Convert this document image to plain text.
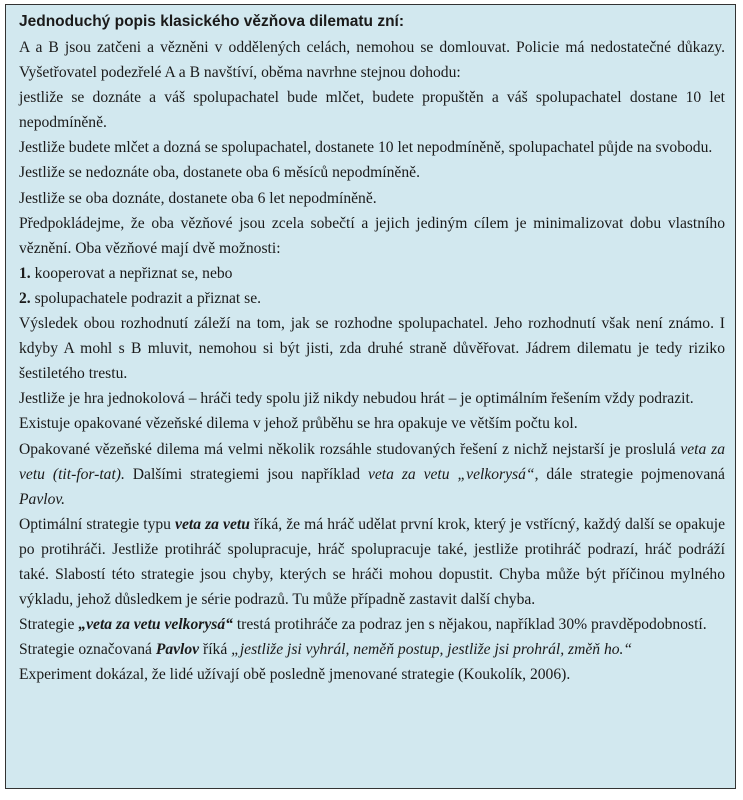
Jednoduchý popis klasického vězňova dilematu zní:
A a B jsou zatčeni a vězněni v oddělených celách, nemohou se domlouvat. Policie má nedostatečné důkazy. Vyšetřovatel podezřelé A a B navštíví, oběma navrhne stejnou dohodu:
jestliže se doznáte a váš spolupachatel bude mlčet, budete propuštěn a váš spolupachatel dostane 10 let nepodmíněně.
Jestliže budete mlčet a dozná se spolupachatel, dostanete 10 let nepodmíněně, spolupachatel půjde na svobodu.
Jestliže se nedoznáte oba, dostanete oba 6 měsíců nepodmíněně.
Jestliže se oba doznáte, dostanete oba 6 let nepodmíněně.
Předpokládejme, že oba vězňové jsou zcela sobečtí a jejich jediným cílem je minimalizovat dobu vlastního věznění. Oba vězňové mají dvě možnosti:
1. kooperovat a nepřiznat se, nebo
2. spolupachatele podrazit a přiznat se.
Výsledek obou rozhodnutí záleží na tom, jak se rozhodne spolupachatel. Jeho rozhodnutí však není známo. I kdyby A mohl s B mluvit, nemohou si být jisti, zda druhé straně důvěřovat. Jádrem dilematu je tedy riziko šestiletého trestu.
Jestliže je hra jednokolová – hráči tedy spolu již nikdy nebudou hrát – je optimálním řešením vždy podrazit.
Existuje opakované vězeňské dilema v jehož průběhu se hra opakuje ve větším počtu kol.
Opakované vězeňské dilema má velmi několik rozsáhle studovaných řešení z nichž nejstarší je proslulá veta za vetu (tit-for-tat). Dalšími strategiemi jsou například veta za vetu „velkorysá“, dále strategie pojmenovaná Pavlov.
Optimální strategie typu veta za vetu říká, že má hráč udělat první krok, který je vstřícný, každý další se opakuje po protihráči. Jestliže protihráč spolupracuje, hráč spolupracuje také, jestliže protihráč podrazí, hráč podráží také. Slabostí této strategie jsou chyby, kterých se hráči mohou dopustit. Chyba může být příčinou mylného výkladu, jehož důsledkem je série podrazů. Tu může případně zastavit další chyba.
Strategie „veta za vetu velkorysá“ trestá protihráče za podraz jen s nějakou, například 30% pravděpodobností.
Strategie označovaná Pavlov říká „jestliže jsi vyhrál, neměň postup, jestliže jsi prohrál, změň ho.“
Experiment dokázal, že lidé užívají obě posledně jmenované strategie (Koukolík, 2006).
